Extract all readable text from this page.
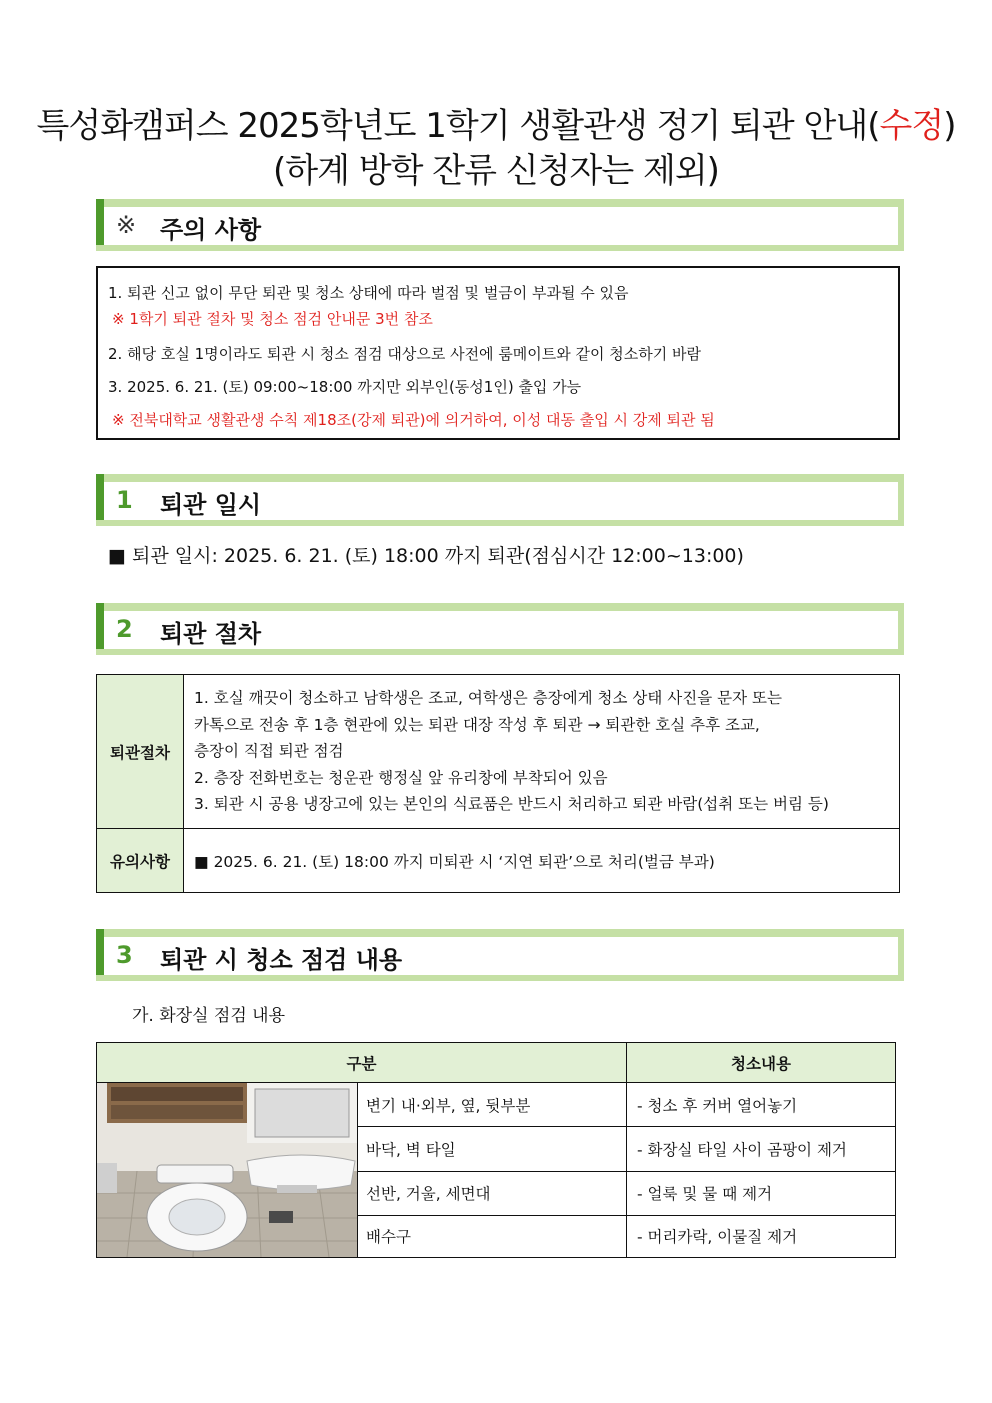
특성화캠퍼스 2025학년도 1학기 생활관생 정기 퇴관 안내(수정)
(하계 방학 잔류 신청자는 제외)
※ 주의 사항
1. 퇴관 신고 없이 무단 퇴관 및 청소 상태에 따라 벌점 및 벌금이 부과될 수 있음
※ 1학기 퇴관 절차 및 청소 점검 안내문 3번 참조
2. 해당 호실 1명이라도 퇴관 시 청소 점검 대상으로 사전에 룸메이트와 같이 청소하기 바람
3. 2025. 6. 21. (토) 09:00~18:00 까지만 외부인(동성1인) 출입 가능
※ 전북대학교 생활관생 수칙 제18조(강제 퇴관)에 의거하여, 이성 대동 출입 시 강제 퇴관 됨
1 퇴관 일시
■ 퇴관 일시: 2025. 6. 21. (토) 18:00 까지 퇴관(점심시간 12:00~13:00)
2 퇴관 절차
퇴관절차	1. 호실 깨끗이 청소하고 남학생은 조교, 여학생은 층장에게 청소 상태 사진을 문자 또는
카톡으로 전송 후 1층 현관에 있는 퇴관 대장 작성 후 퇴관 → 퇴관한 호실 추후 조교,
층장이 직접 퇴관 점검
2. 층장 전화번호는 청운관 행정실 앞 유리창에 부착되어 있음
3. 퇴관 시 공용 냉장고에 있는 본인의 식료품은 반드시 처리하고 퇴관 바람(섭취 또는 버림 등)

유의사항	■ 2025. 6. 21. (토) 18:00 까지 미퇴관 시 ‘지연 퇴관’으로 처리(벌금 부과)
3 퇴관 시 청소 점검 내용
가. 화장실 점검 내용
구분		청소내용

	변기 내·외부, 옆, 뒷부분	- 청소 후 커버 열어놓기
	바닥, 벽 타일	- 화장실 타일 사이 곰팡이 제거
	선반, 거울, 세면대	- 얼룩 및 물 때 제거
	배수구	- 머리카락, 이물질 제거
